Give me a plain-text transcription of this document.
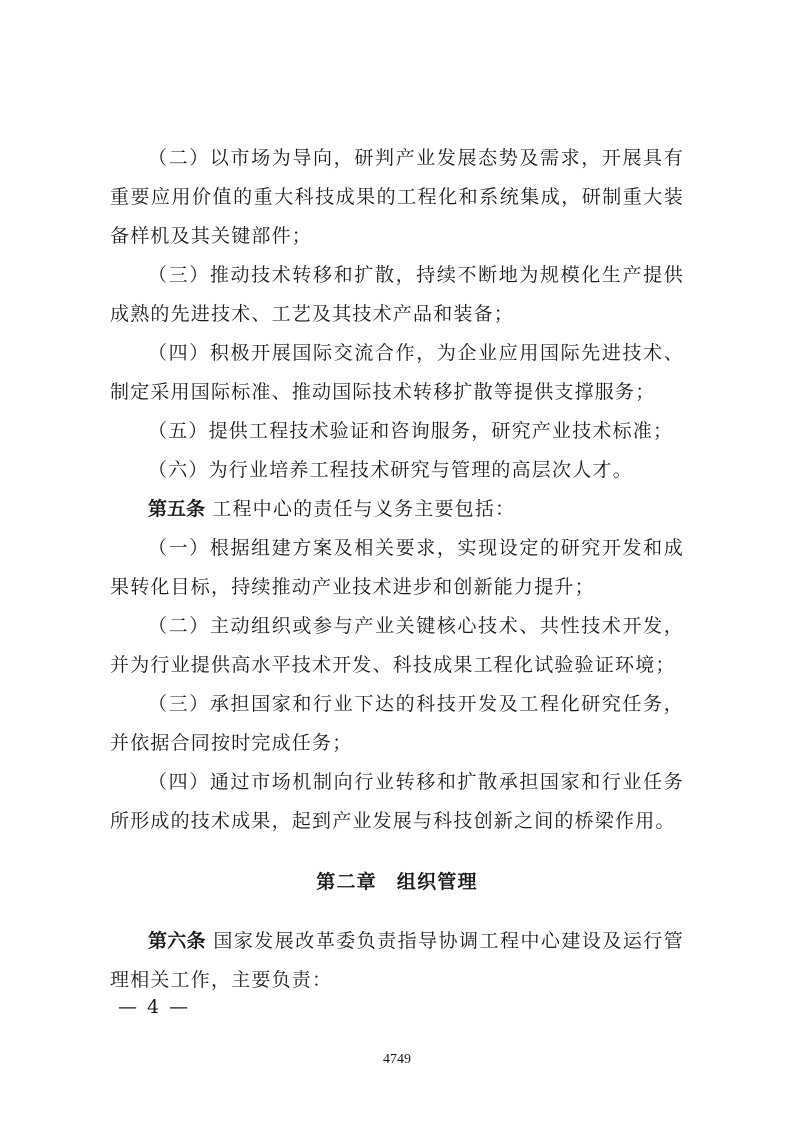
（二）以市场为导向，研判产业发展态势及需求，开展具有重要应用价值的重大科技成果的工程化和系统集成，研制重大装备样机及其关键部件；

（三）推动技术转移和扩散，持续不断地为规模化生产提供成熟的先进技术、工艺及其技术产品和装备；

（四）积极开展国际交流合作，为企业应用国际先进技术、制定采用国际标准、推动国际技术转移扩散等提供支撑服务；

（五）提供工程技术验证和咨询服务，研究产业技术标准；

（六）为行业培养工程技术研究与管理的高层次人才。

第五条 工程中心的责任与义务主要包括：

（一）根据组建方案及相关要求，实现设定的研究开发和成果转化目标，持续推动产业技术进步和创新能力提升；

（二）主动组织或参与产业关键核心技术、共性技术开发，并为行业提供高水平技术开发、科技成果工程化试验验证环境；

（三）承担国家和行业下达的科技开发及工程化研究任务，并依据合同按时完成任务；

（四）通过市场机制向行业转移和扩散承担国家和行业任务所形成的技术成果，起到产业发展与科技创新之间的桥梁作用。

第二章 组织管理

第六条 国家发展改革委负责指导协调工程中心建设及运行管理相关工作，主要负责：

— 4 —
4749
